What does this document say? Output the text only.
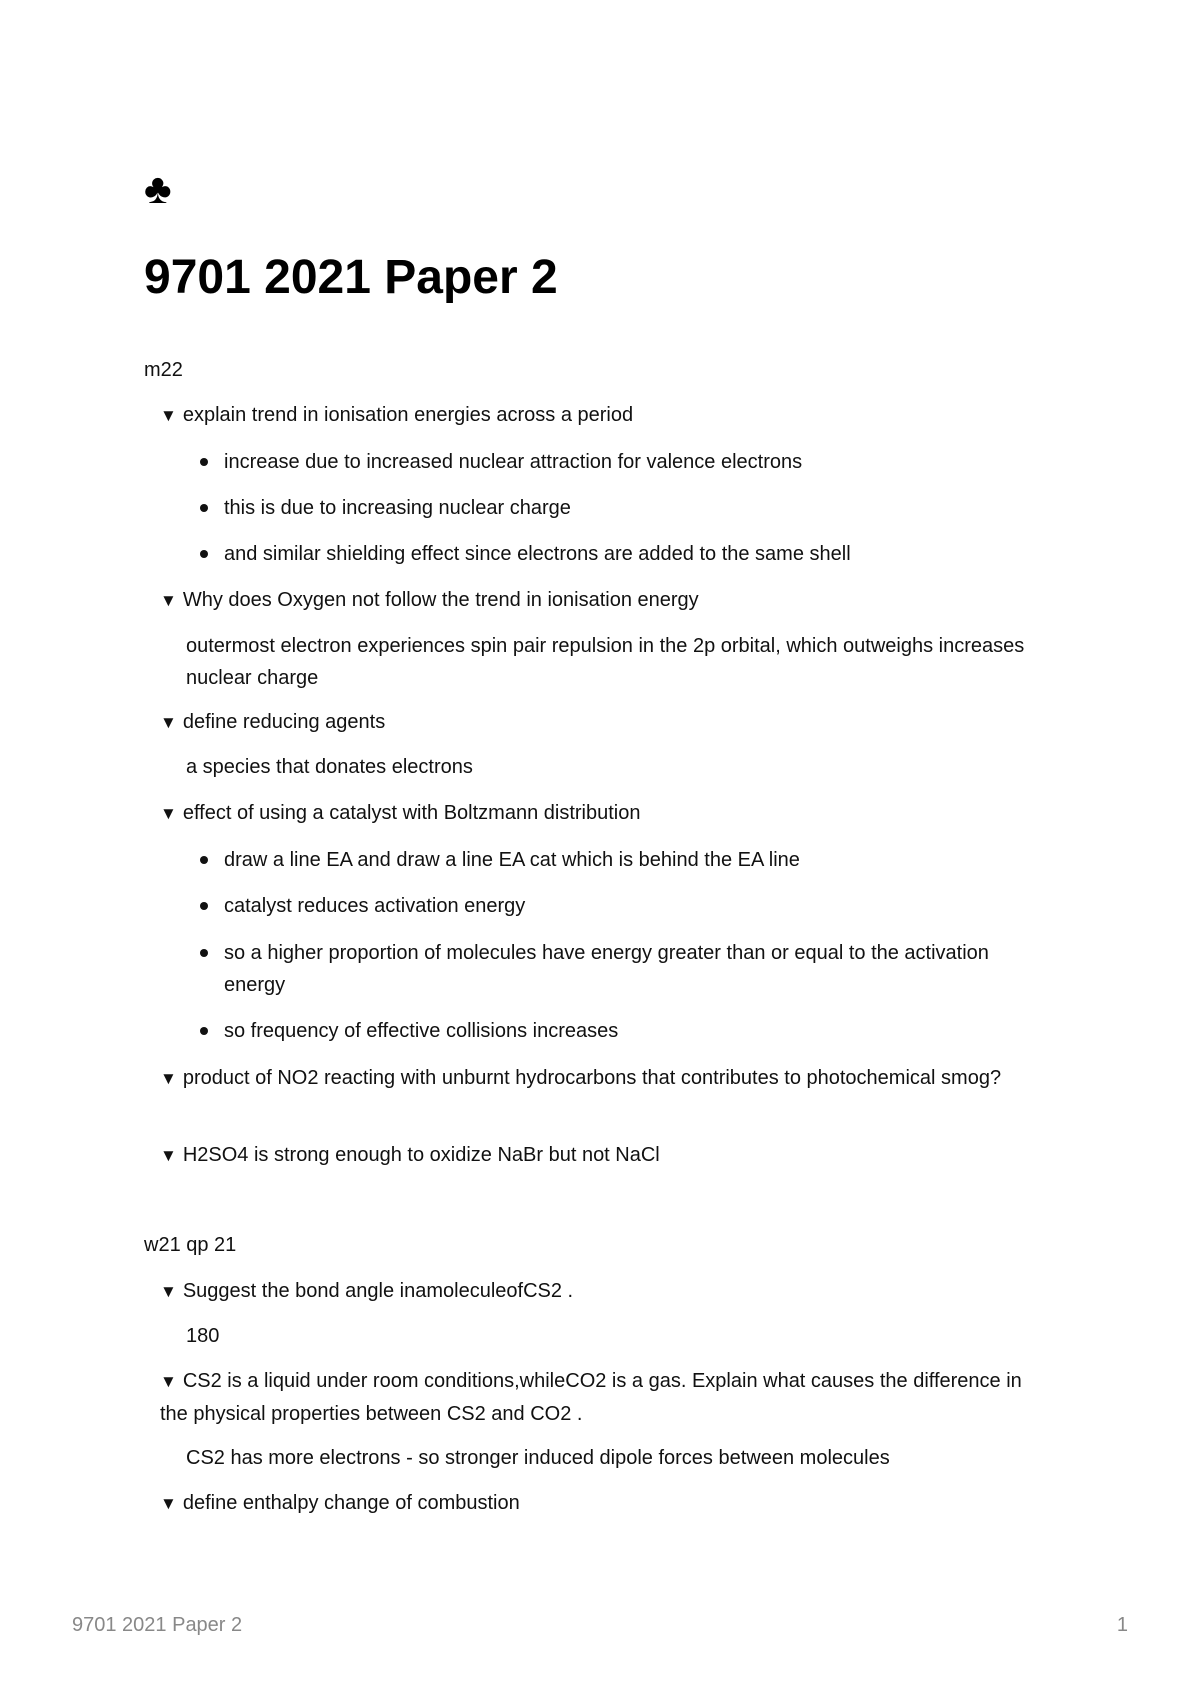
♣
9701 2021 Paper 2
m22
▼ explain trend in ionisation energies across a period
increase due to increased nuclear attraction for valence electrons
this is due to increasing nuclear charge
and similar shielding effect since electrons are added to the same shell
▼ Why does Oxygen not follow the trend in ionisation energy
outermost electron experiences spin pair repulsion in the 2p orbital, which outweighs increases nuclear charge
▼ define reducing agents
a species that donates electrons
▼ effect of using a catalyst with Boltzmann distribution
draw a line EA and draw a line EA cat which is behind the EA line
catalyst reduces activation energy
so a higher proportion of molecules have energy greater than or equal to the activation energy
so frequency of effective collisions increases
▼ product of NO2 reacting with unburnt hydrocarbons that contributes to photochemical smog?
▼ H2SO4 is strong enough to oxidize NaBr but not NaCl
w21 qp 21
▼ Suggest the bond angle inamoleculeofCS2 .
180
▼ CS2 is a liquid under room conditions,whileCO2 is a gas. Explain what causes the difference in the physical properties between CS2 and CO2 .
CS2 has more electrons - so stronger induced dipole forces between molecules
▼ define enthalpy change of combustion
9701 2021 Paper 2	1
